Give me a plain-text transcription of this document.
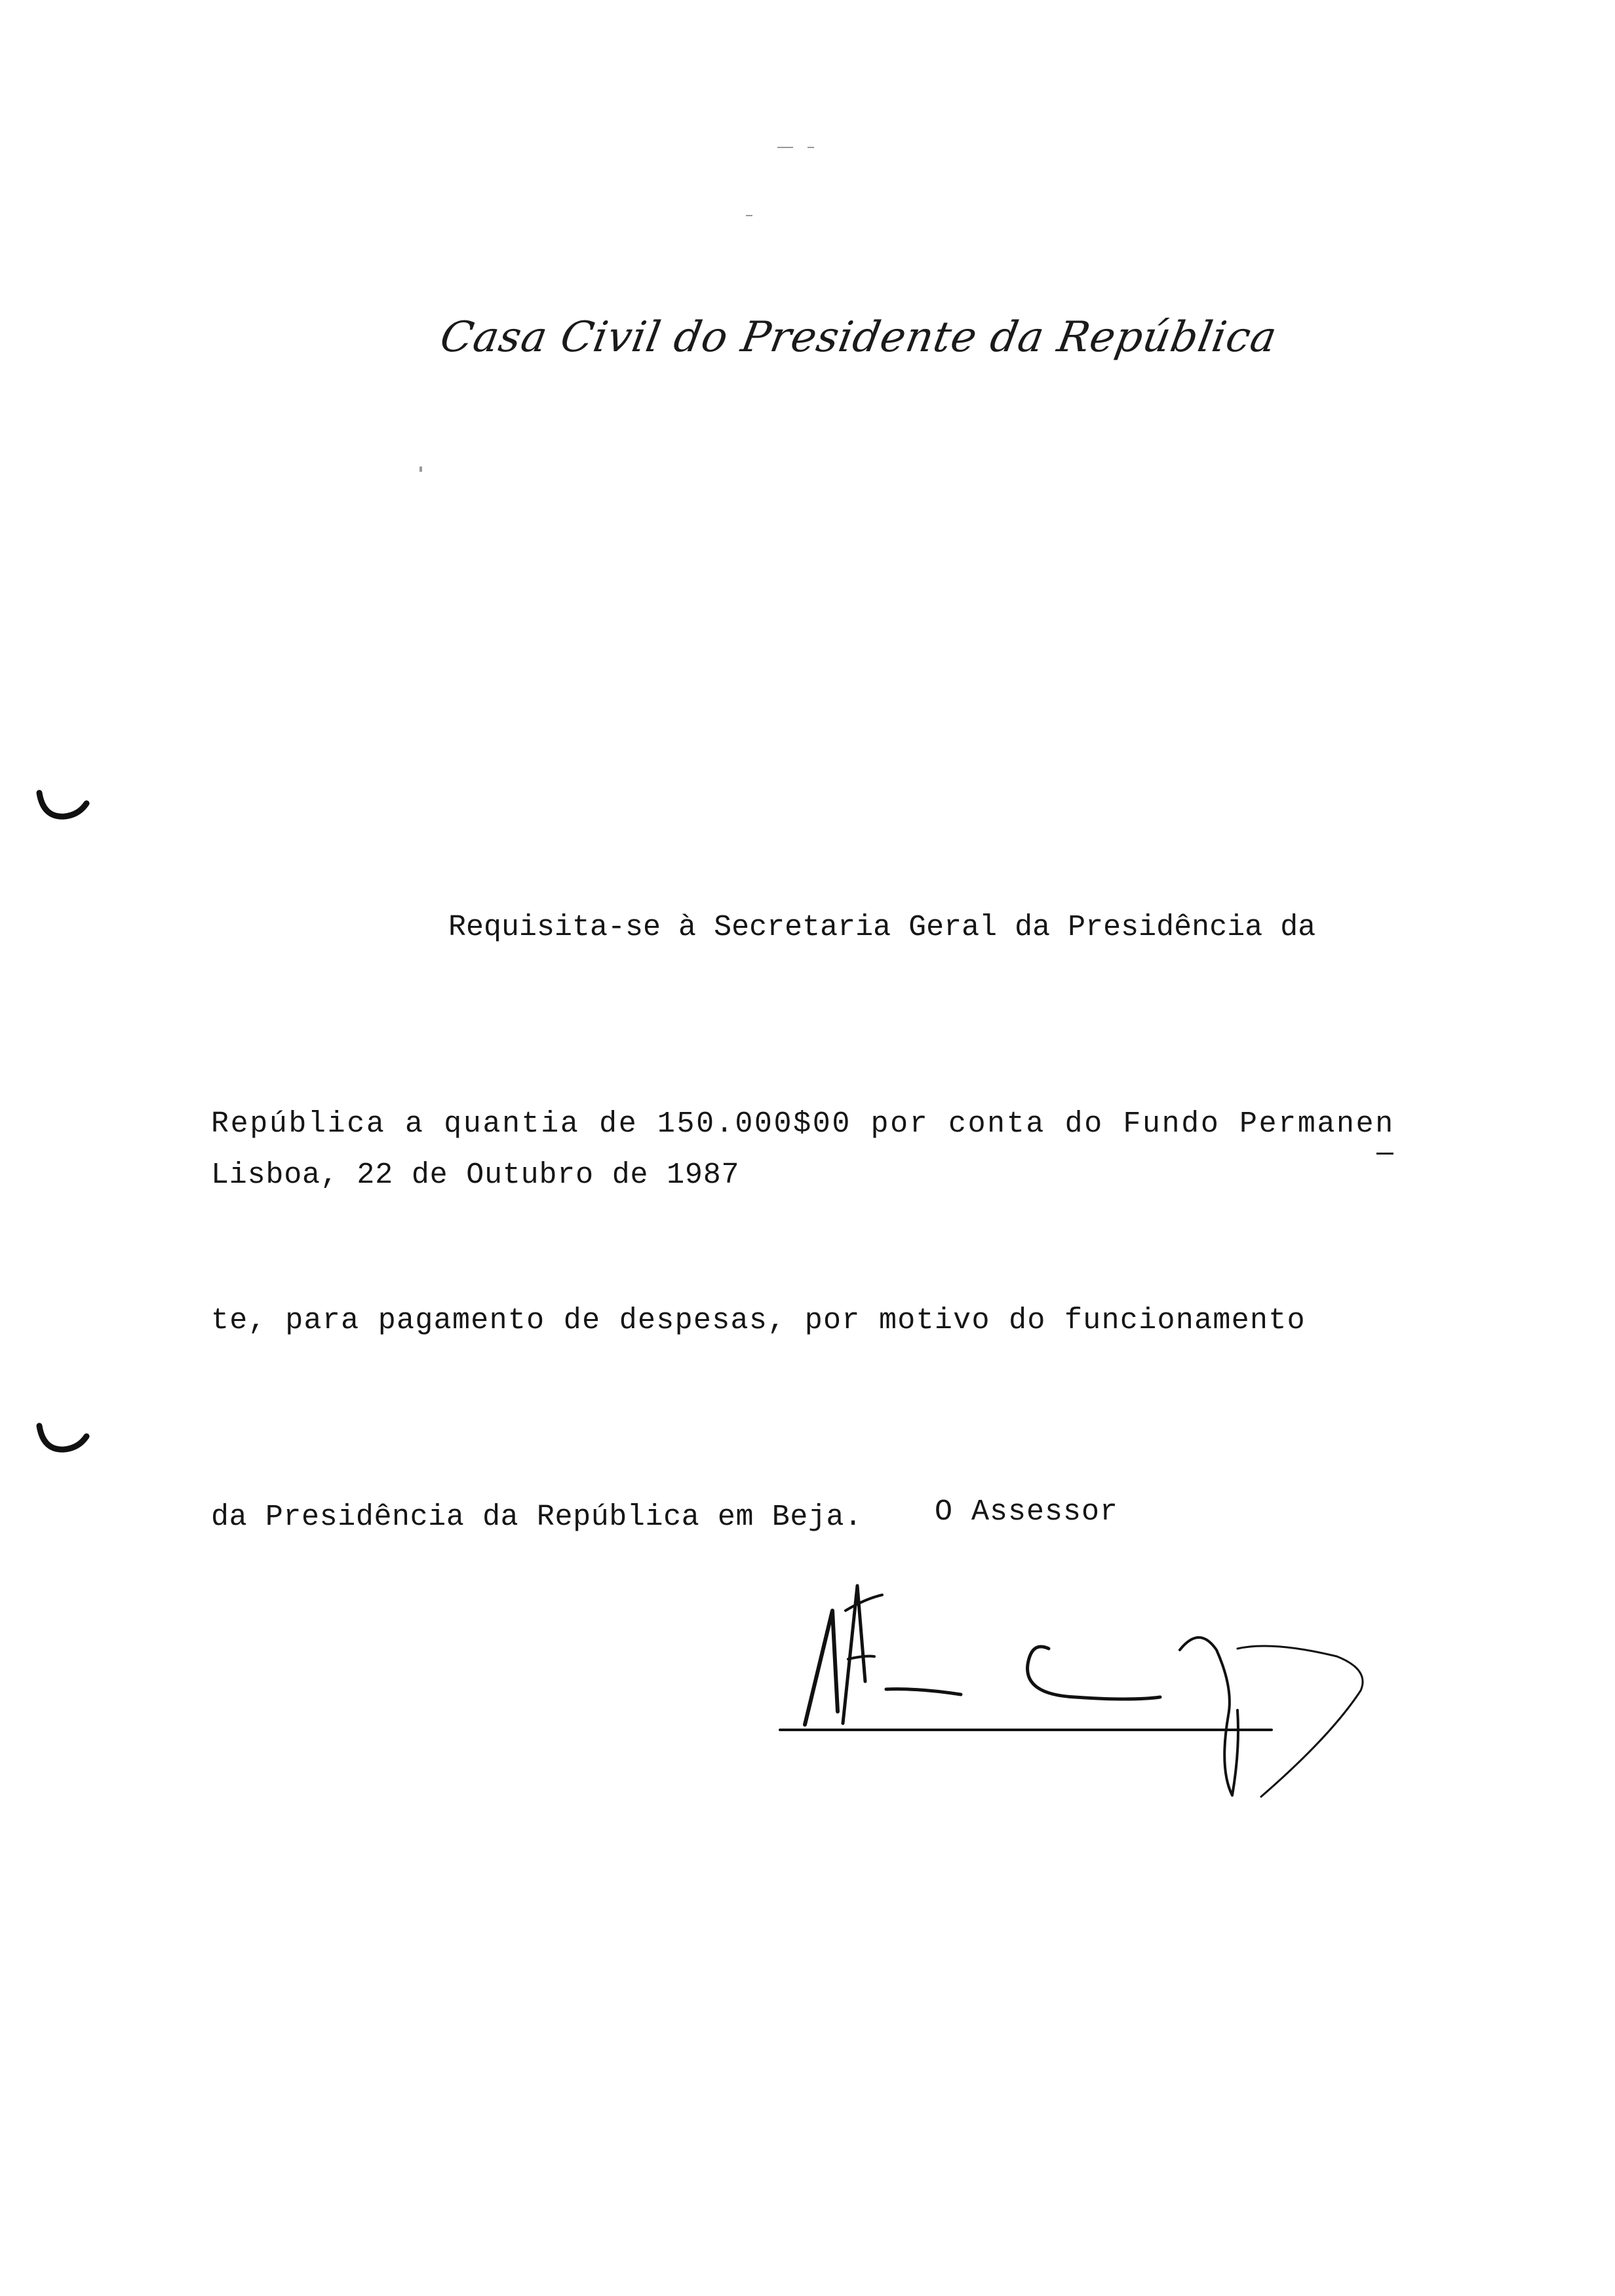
Casa Civil do Presidente da República

Requisita-se à Secretaria Geral da Presidência da

República a quantia de 150.000$00 por conta do Fundo Permanen

te, para pagamento de despesas, por motivo do funcionamento

da Presidência da República em Beja.

Lisboa, 22 de Outubro de 1987
O Assessor
